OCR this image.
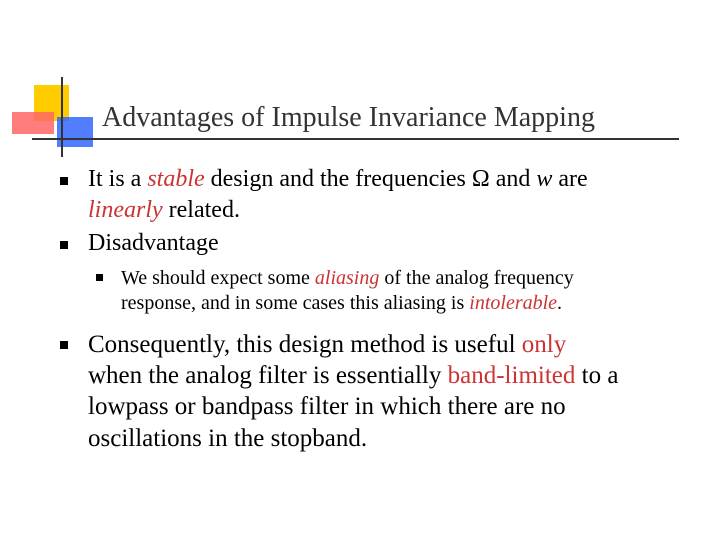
Advantages of Impulse Invariance Mapping
It is a stable design and the frequencies Ω and w are
linearly related.
Disadvantage
We should expect some aliasing of the analog frequency
response, and in some cases this aliasing is intolerable.
Consequently, this design method is useful only
when the analog filter is essentially band-limited to a
lowpass or bandpass filter in which there are no
oscillations in the stopband.
